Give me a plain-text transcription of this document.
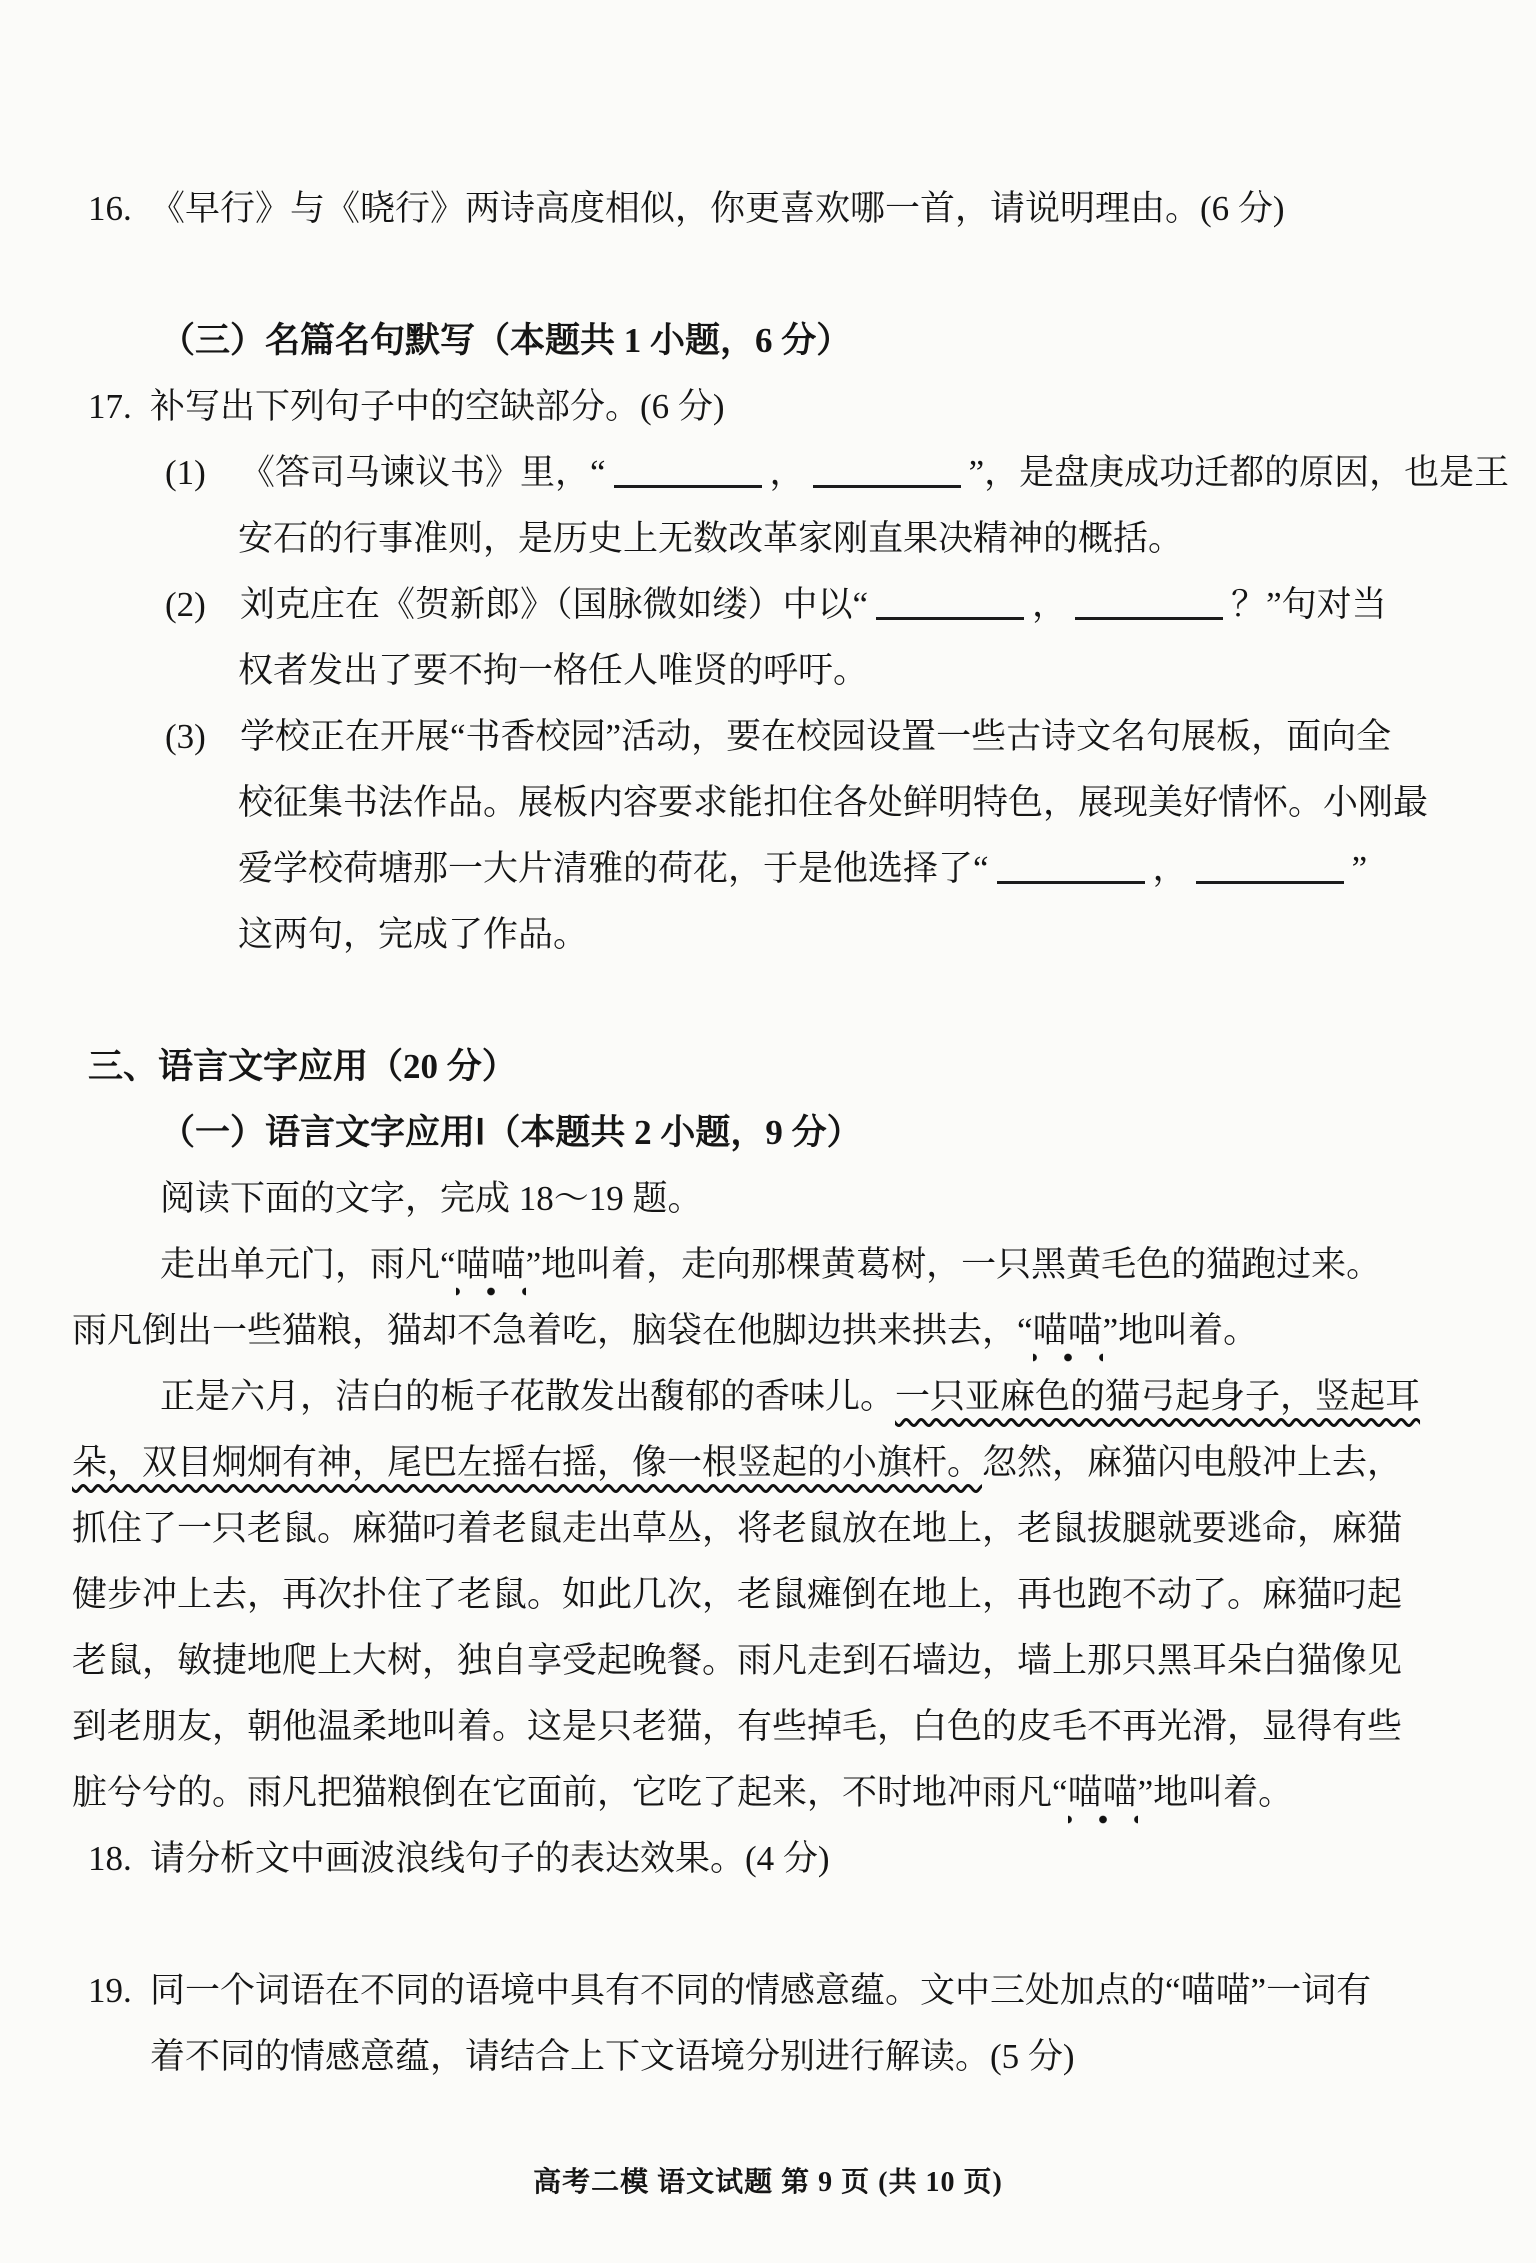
16. 《早行》与《晓行》两诗高度相似，你更喜欢哪一首，请说明理由。(6 分)
（三）名篇名句默写（本题共 1 小题，6 分）
17. 补写出下列句子中的空缺部分。(6 分)
(1) 《答司马谏议书》里，“	，	”，是盘庚成功迁都的原因，也是王
安石的行事准则，是历史上无数改革家刚直果决精神的概括。
(2) 刘克庄在《贺新郎》（国脉微如缕）中以“	，	？”句对当
权者发出了要不拘一格任人唯贤的呼吁。
(3) 学校正在开展“书香校园”活动，要在校园设置一些古诗文名句展板，面向全
校征集书法作品。展板内容要求能扣住各处鲜明特色，展现美好情怀。小刚最
爱学校荷塘那一大片清雅的荷花，于是他选择了“	，	”
这两句，完成了作品。
三、语言文字应用（20 分）
（一）语言文字应用Ⅰ（本题共 2 小题，9 分）
阅读下面的文字，完成 18～19 题。
走出单元门，雨凡“喵喵”地叫着，走向那棵黄葛树，一只黑黄毛色的猫跑过来。
雨凡倒出一些猫粮，猫却不急着吃，脑袋在他脚边拱来拱去，“喵喵”地叫着。
正是六月，洁白的栀子花散发出馥郁的香味儿。一只亚麻色的猫弓起身子，竖起耳
朵，双目炯炯有神，尾巴左摇右摇，像一根竖起的小旗杆。忽然，麻猫闪电般冲上去，
抓住了一只老鼠。麻猫叼着老鼠走出草丛，将老鼠放在地上，老鼠拔腿就要逃命，麻猫
健步冲上去，再次扑住了老鼠。如此几次，老鼠瘫倒在地上，再也跑不动了。麻猫叼起
老鼠，敏捷地爬上大树，独自享受起晚餐。雨凡走到石墙边，墙上那只黑耳朵白猫像见
到老朋友，朝他温柔地叫着。这是只老猫，有些掉毛，白色的皮毛不再光滑，显得有些
脏兮兮的。雨凡把猫粮倒在它面前，它吃了起来，不时地冲雨凡“喵喵”地叫着。
18. 请分析文中画波浪线句子的表达效果。(4 分)
19. 同一个词语在不同的语境中具有不同的情感意蕴。文中三处加点的“喵喵”一词有
着不同的情感意蕴，请结合上下文语境分别进行解读。(5 分)
高考二模 语文试题 第 9 页 (共 10 页)
